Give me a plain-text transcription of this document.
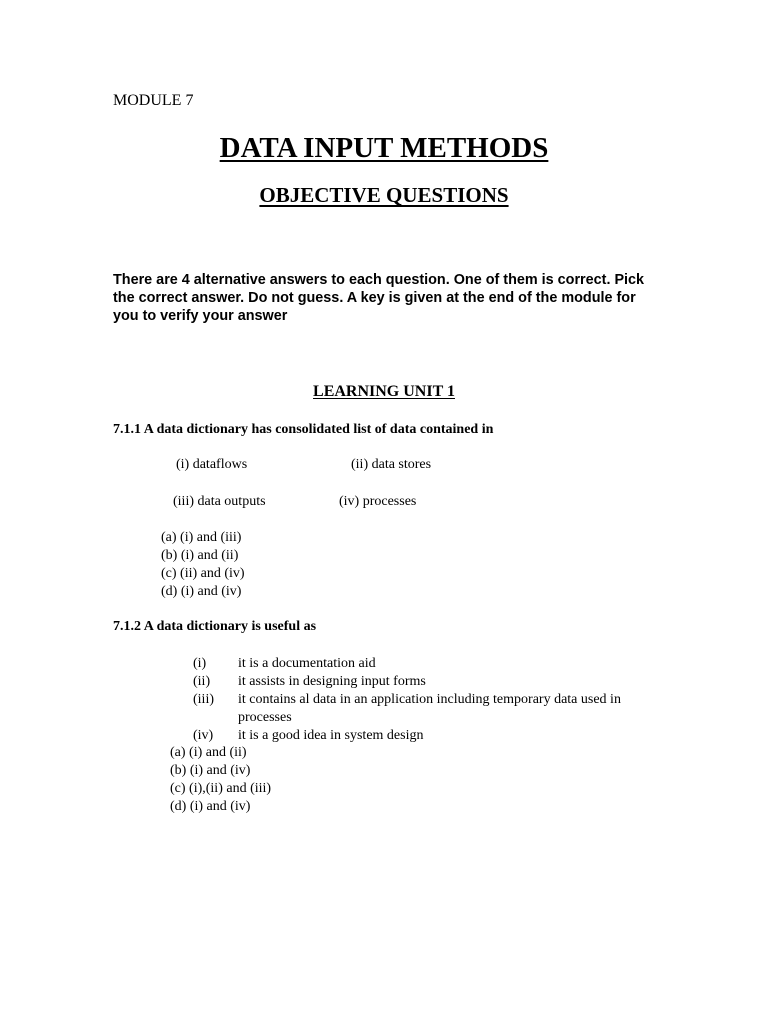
MODULE 7
DATA INPUT METHODS
OBJECTIVE QUESTIONS
There are 4 alternative answers to each question. One of them is correct. Pick the correct answer. Do not guess. A key is given at the end of the module for you to verify your answer
LEARNING UNIT 1
7.1.1 A data dictionary has consolidated list of data contained in
(i) dataflows	(ii) data stores
(iii) data outputs	(iv) processes
(a) (i) and (iii)
(b) (i) and (ii)
(c) (ii) and (iv)
(d) (i) and (iv)
7.1.2 A data dictionary is useful as
(i) it is a documentation aid
(ii) it assists in designing input forms
(iii) it contains al data in an application including temporary data used in
processes
(iv) it is a good idea in system design
(a) (i) and (ii)
(b) (i) and (iv)
(c) (i),(ii) and (iii)
(d) (i) and (iv)
